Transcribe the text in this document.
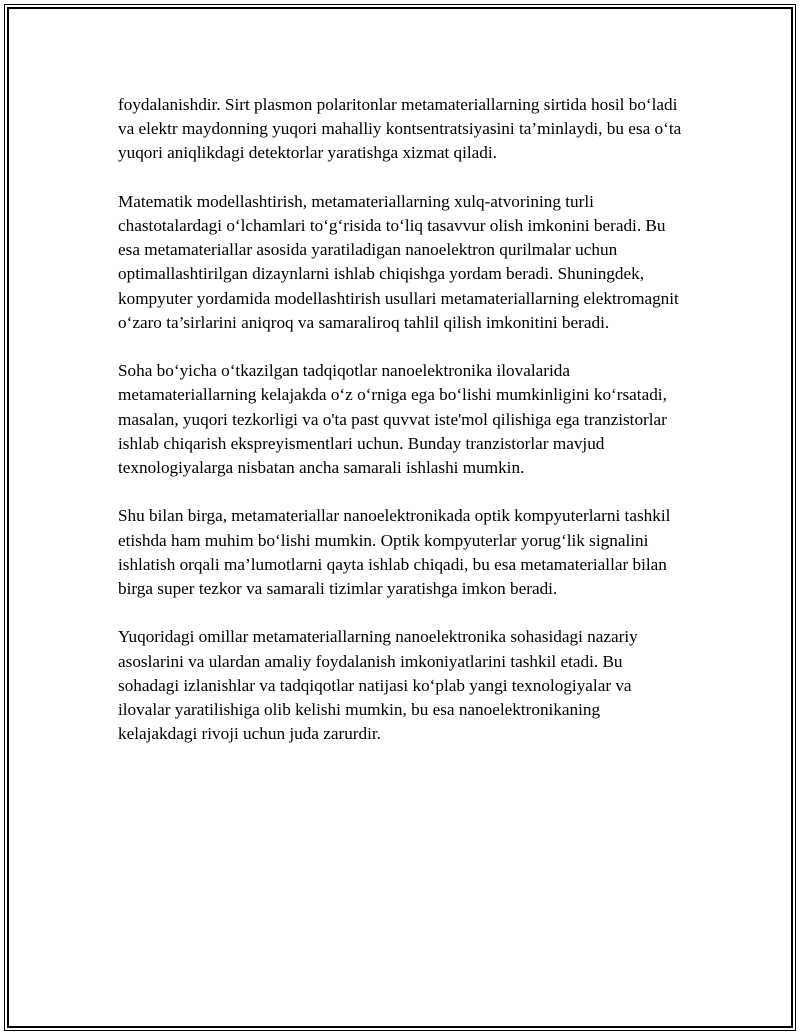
foydalanishdir. Sirt plasmon polaritonlar metamateriallarning sirtida hosil bo‘ladi va elektr maydonning yuqori mahalliy kontsentratsiyasini ta’minlaydi, bu esa o‘ta yuqori aniqlikdagi detektorlar yaratishga xizmat qiladi.

Matematik modellashtirish, metamateriallarning xulq-atvorining turli chastotalardagi o‘lchamlari to‘g‘risida to‘liq tasavvur olish imkonini beradi. Bu esa metamateriallar asosida yaratiladigan nanoelektron qurilmalar uchun optimallashtirilgan dizaynlarni ishlab chiqishga yordam beradi. Shuningdek, kompyuter yordamida modellashtirish usullari metamateriallarning elektromagnit o‘zaro ta’sirlarini aniqroq va samaraliroq tahlil qilish imkonitini beradi.

Soha bo‘yicha o‘tkazilgan tadqiqotlar nanoelektronika ilovalarida metamateriallarning kelajakda o‘z o‘rniga ega bo‘lishi mumkinligini ko‘rsatadi, masalan, yuqori tezkorligi va o'ta past quvvat iste'mol qilishiga ega tranzistorlar ishlab chiqarish ekspreyismentlari uchun. Bunday tranzistorlar mavjud texnologiyalarga nisbatan ancha samarali ishlashi mumkin.

Shu bilan birga, metamateriallar nanoelektronikada optik kompyuterlarni tashkil etishda ham muhim bo‘lishi mumkin. Optik kompyuterlar yorug‘lik signalini ishlatish orqali ma’lumotlarni qayta ishlab chiqadi, bu esa metamateriallar bilan birga super tezkor va samarali tizimlar yaratishga imkon beradi.

Yuqoridagi omillar metamateriallarning nanoelektronika sohasidagi nazariy asoslarini va ulardan amaliy foydalanish imkoniyatlarini tashkil etadi. Bu sohadagi izlanishlar va tadqiqotlar natijasi ko‘plab yangi texnologiyalar va ilovalar yaratilishiga olib kelishi mumkin, bu esa nanoelektronikaning kelajakdagi rivoji uchun juda zarurdir.
